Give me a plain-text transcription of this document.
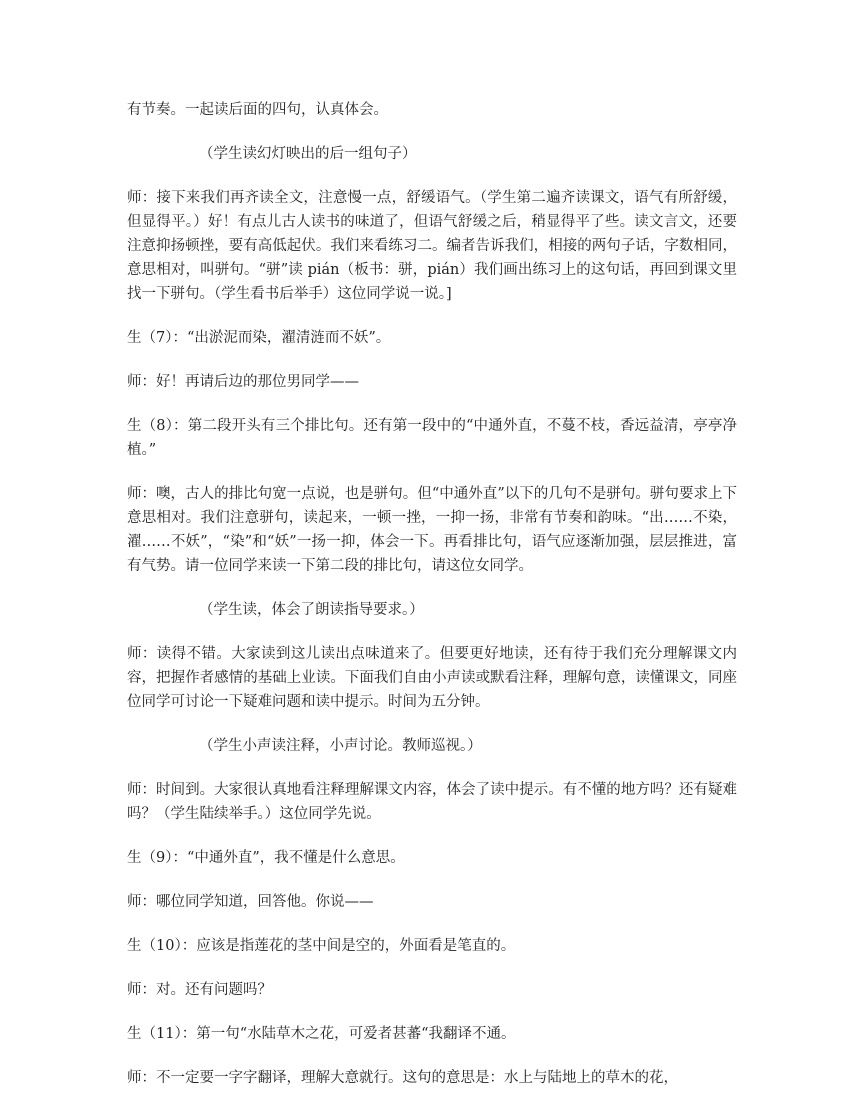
有节奏。一起读后面的四句，认真体会。

（学生读幻灯映出的后一组句子）

师：接下来我们再齐读全文，注意慢一点，舒缓语气。（学生第二遍齐读课文，语气有所舒缓，但显得平。）好！有点儿古人读书的味道了，但语气舒缓之后，稍显得平了些。读文言文，还要注意抑扬顿挫，要有高低起伏。我们来看练习二。编者告诉我们，相接的两句子话，字数相同，意思相对，叫骈句。“骈”读 pián（板书：骈，pián）我们画出练习上的这句话，再回到课文里找一下骈句。（学生看书后举手）这位同学说一说。]

生（7）：“出淤泥而染，濯清涟而不妖”。

师：好！再请后边的那位男同学——

生（8）：第二段开头有三个排比句。还有第一段中的“中通外直，不蔓不枝，香远益清，亭亭净植。”

师：噢，古人的排比句宽一点说，也是骈句。但“中通外直”以下的几句不是骈句。骈句要求上下意思相对。我们注意骈句，读起来，一顿一挫，一抑一扬，非常有节奏和韵味。“出……不染，濯……不妖”，“染”和“妖”一扬一抑，体会一下。再看排比句，语气应逐渐加强，层层推进，富有气势。请一位同学来读一下第二段的排比句，请这位女同学。

（学生读，体会了朗读指导要求。）

师：读得不错。大家读到这儿读出点味道来了。但要更好地读，还有待于我们充分理解课文内容，把握作者感情的基础上业读。下面我们自由小声读或默看注释，理解句意，读懂课文，同座位同学可讨论一下疑难问题和读中提示。时间为五分钟。

（学生小声读注释，小声讨论。教师巡视。）

师：时间到。大家很认真地看注释理解课文内容，体会了读中提示。有不懂的地方吗？还有疑难吗？（学生陆续举手。）这位同学先说。

生（9）：“中通外直”，我不懂是什么意思。

师：哪位同学知道，回答他。你说——

生（10）：应该是指莲花的茎中间是空的，外面看是笔直的。

师：对。还有问题吗？

生（11）：第一句“水陆草木之花，可爱者甚蕃“我翻译不通。

师：不一定要一字字翻译，理解大意就行。这句的意思是：水上与陆地上的草木的花，
